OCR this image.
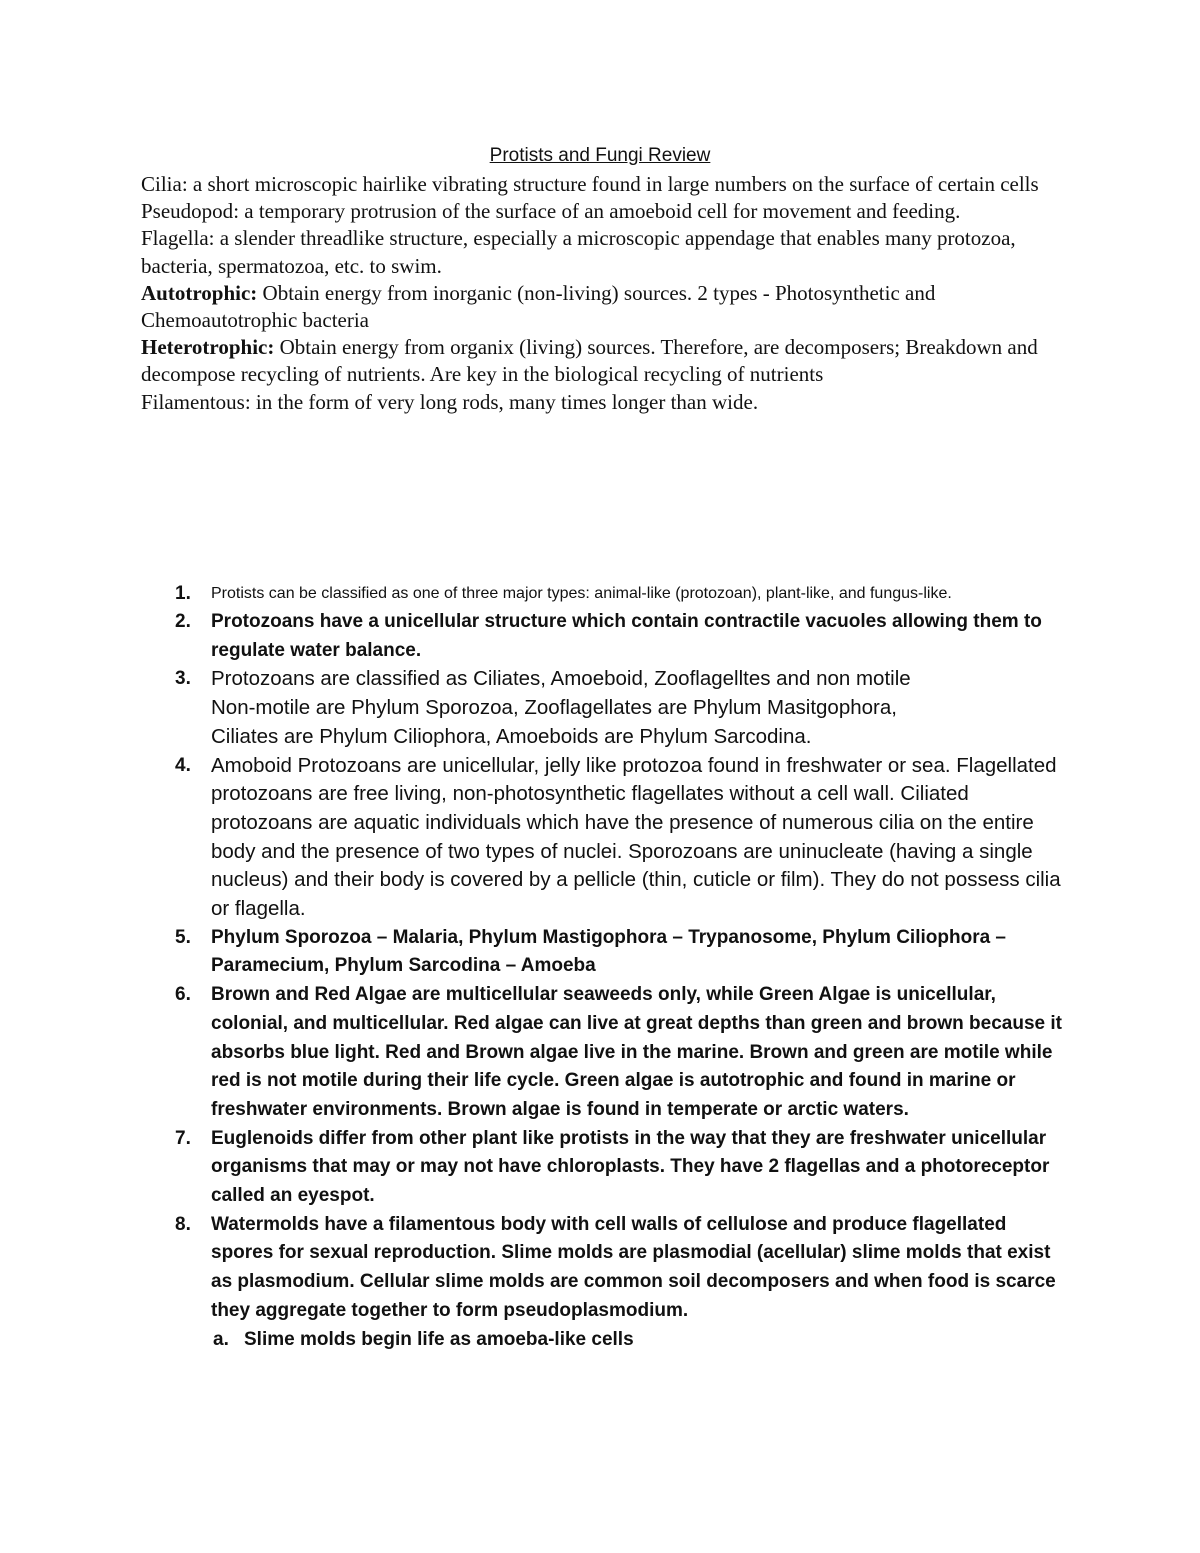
Protists and Fungi Review

Cilia: a short microscopic hairlike vibrating structure found in large numbers on the surface of certain cells

Pseudopod: a temporary protrusion of the surface of an amoeboid cell for movement and feeding.

Flagella: a slender threadlike structure, especially a microscopic appendage that enables many protozoa, bacteria, spermatozoa, etc. to swim.

Autotrophic: Obtain energy from inorganic (non-living) sources. 2 types - Photosynthetic and Chemoautotrophic bacteria

Heterotrophic: Obtain energy from organix (living) sources. Therefore, are decomposers; Breakdown and decompose recycling of nutrients. Are key in the biological recycling of nutrients

Filamentous: in the form of very long rods, many times longer than wide.

1. Protists can be classified as one of three major types: animal-like (protozoan), plant-like, and fungus-like.
2. Protozoans have a unicellular structure which contain contractile vacuoles allowing them to regulate water balance.
3. Protozoans are classified as Ciliates, Amoeboid, Zooflagellte​s and non motile
Non-motile are Phylum Sporozoa, Zooflagellates are Phylum Masitgophora,
Ciliates are Phylum Ciliophora, Amoeboids are Phylum Sarcodina.
4. Amoboid Protozoans are unicellular, jelly like protozoa found in freshwater or sea. Flagellated protozoans are free living, non-photosynthetic flagellates without a cell wall. Ciliated protozoans are aquatic individuals which have the presence of numerous cilia on the entire body and the presence of two types of nuclei. Sporozoans are uninucleate (having a single nucleus) and their body is covered by a pellicle (thin, cuticle or film). They do not possess cilia or flagella.
5. Phylum Sporozoa – Malaria, Phylum Mastigophora – Trypanosome, Phylum Ciliophora – Paramecium, Phylum Sarcodina – Amoeba
6. Brown and Red Algae are multicellular seaweeds only, while Green Algae is unicellular, colonial, and multicellular. Red algae can live at great depths than green and brown because it absorbs blue light. Red and Brown algae live in the marine. Brown and green are motile while red is not motile during their life cycle. Green algae is autotrophic and found in marine or freshwater environments. Brown algae is found in temperate or arctic waters.
7. Euglenoids differ from other plant like protists in the way that they are freshwater unicellular organisms that may or may not have chloroplasts. They have 2 flagellas and a photoreceptor called an eyespot.
8. Watermolds have a filamentous body with cell walls of cellulose and produce flagellated spores for sexual reproduction. Slime molds are plasmodial (acellular) slime molds that exist as plasmodium. Cellular slime molds are common soil decomposers and when food is scarce they aggregate together to form pseudoplasmodium.
a. Slime molds begin life as amoeba-like cells
